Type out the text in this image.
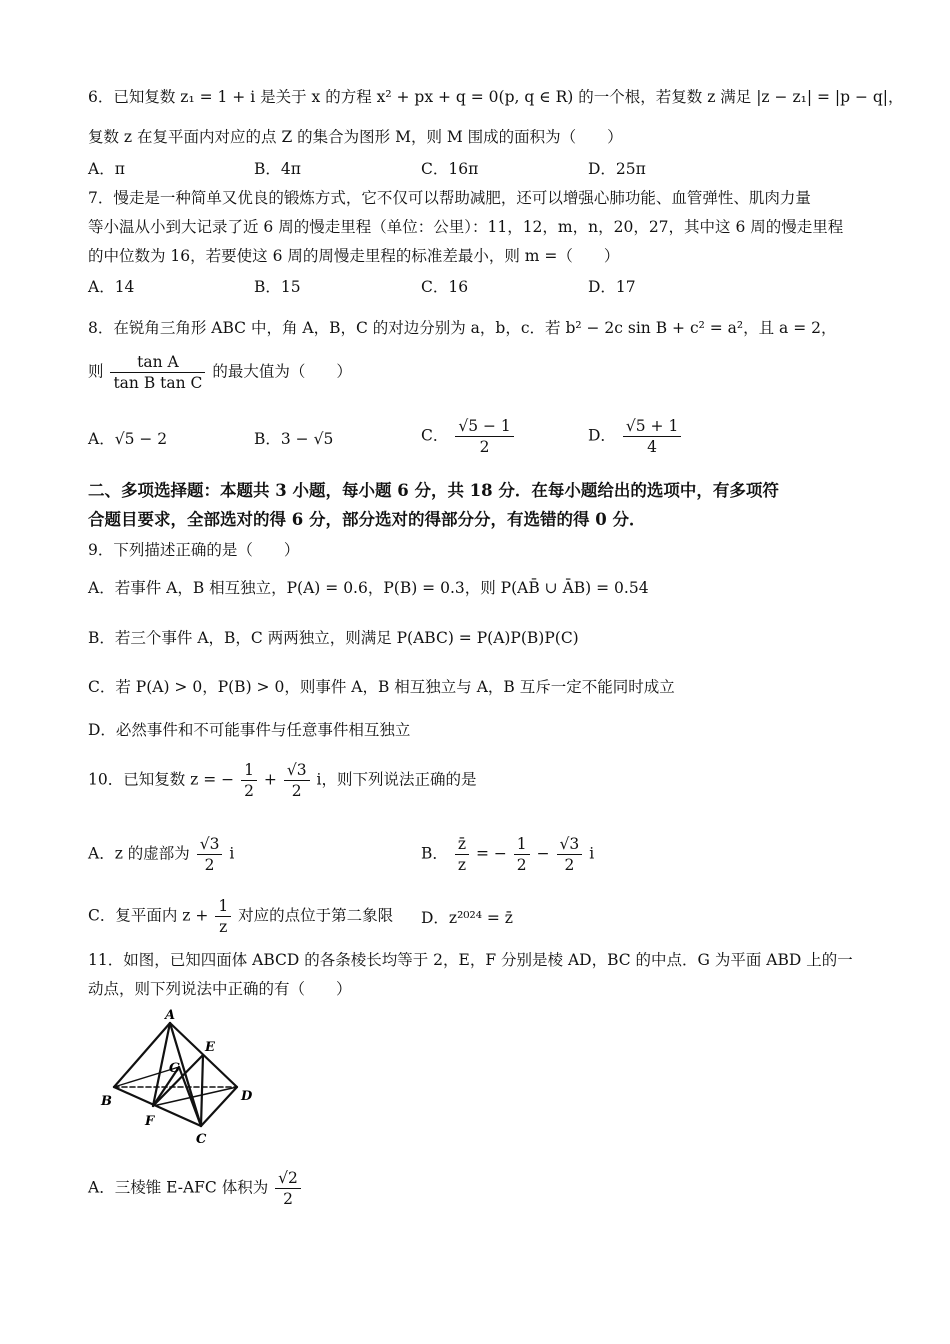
6．已知复数 z₁ = 1 + i 是关于 x 的方程 x² + px + q = 0(p, q ∈ R) 的一个根，若复数 z 满足 |z − z₁| = |p − q|，
复数 z 在复平面内对应的点 Z 的集合为图形 M，则 M 围成的面积为（　　）
A．π	B．4π	C．16π	D．25π
7．慢走是一种简单又优良的锻炼方式，它不仅可以帮助减肥，还可以增强心肺功能、血管弹性、肌肉力量
等小温从小到大记录了近 6 周的慢走里程（单位：公里）：11，12，m，n，20，27，其中这 6 周的慢走里程
的中位数为 16，若要使这 6 周的周慢走里程的标准差最小，则 m =（　　）
A．14	B．15	C．16	D．17
8．在锐角三角形 ABC 中，角 A，B，C 的对边分别为 a，b，c．若 b² − 2c sin B + c² = a²，且 a = 2，
则 $\frac{\text{tan A}}{\text{tan B tan C}}$ 的最大值为（　　）
A．√5 − 2	B．3 − √5	C． $\frac{√5 - 1}{2}$	D． $\frac{√5 + 1}{4}$
二、多项选择题：本题共 3 小题，每小题 6 分，共 18 分．在每小题给出的选项中，有多项符
合题目要求，全部选对的得 6 分，部分选对的得部分分，有选错的得 0 分．
9．下列描述正确的是（　　）
A．若事件 A，B 相互独立，P(A) = 0.6，P(B) = 0.3，则 P(AB̄ ∪ ĀB) = 0.54
B．若三个事件 A，B，C 两两独立，则满足 P(ABC) = P(A)P(B)P(C)
C．若 P(A) > 0，P(B) > 0，则事件 A，B 相互独立与 A，B 互斥一定不能同时成立
D．必然事件和不可能事件与任意事件相互独立
10．已知复数 z = − $\frac{1}{2} + \frac{√3}{2}$ i，则下列说法正确的是
A．z 的虚部为 $\frac{√3}{2}$ i	B． $\frac{z̄}{z}$ = − $\frac{1}{2} - \frac{√3}{2}$ i
C．复平面内 $z + \frac{1}{z}$ 对应的点位于第二象限 D．z²⁰²⁴ = z̄
11．如图，已知四面体 ABCD 的各条棱长均等于 2，E，F 分别是棱 AD，BC 的中点．G 为平面 ABD 上的一
动点，则下列说法中正确的有（　　）
A
E
G
B	D
F
C
A．三棱锥 E-AFC 体积为 $\frac{√2}{2}$
